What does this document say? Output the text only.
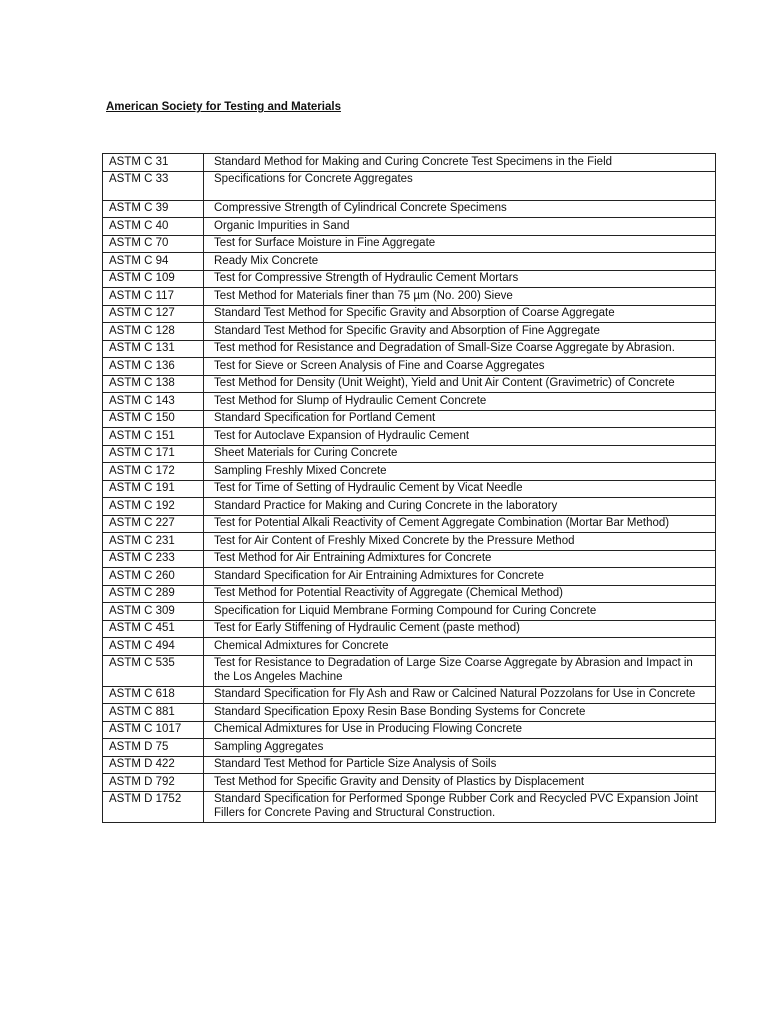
American Society for Testing and Materials
ASTM C 31	Standard Method for Making and Curing Concrete Test Specimens in the Field
ASTM C 33	Specifications for Concrete Aggregates
ASTM C 39	Compressive Strength of Cylindrical Concrete Specimens
ASTM C 40	Organic Impurities in Sand
ASTM C 70	Test for Surface Moisture in Fine Aggregate
ASTM C 94	Ready Mix Concrete
ASTM C 109	Test for Compressive Strength of Hydraulic Cement Mortars
ASTM C 117	Test Method for Materials finer than 75 µm (No. 200) Sieve
ASTM C 127	Standard Test Method for Specific Gravity and Absorption of Coarse Aggregate
ASTM C 128	Standard Test Method for Specific Gravity and Absorption of Fine Aggregate
ASTM C 131	Test method for Resistance and Degradation of Small-Size Coarse Aggregate by Abrasion.
ASTM C 136	Test for Sieve or Screen Analysis of Fine and Coarse Aggregates
ASTM C 138	Test Method for Density (Unit Weight), Yield and Unit Air Content (Gravimetric) of Concrete
ASTM C 143	Test Method for Slump of Hydraulic Cement Concrete
ASTM C 150	Standard Specification for Portland Cement
ASTM C 151	Test for Autoclave Expansion of Hydraulic Cement
ASTM C 171	Sheet Materials for Curing Concrete
ASTM C 172	Sampling Freshly Mixed Concrete
ASTM C 191	Test for Time of Setting of Hydraulic Cement by Vicat Needle
ASTM C 192	Standard Practice for Making and Curing Concrete in the laboratory
ASTM C 227	Test for Potential Alkali Reactivity of Cement Aggregate Combination (Mortar Bar Method)
ASTM C 231	Test for Air Content of Freshly Mixed Concrete by the Pressure Method
ASTM C 233	Test Method for Air Entraining Admixtures for Concrete
ASTM C 260	Standard Specification for Air Entraining Admixtures for Concrete
ASTM C 289	Test Method for Potential Reactivity of Aggregate (Chemical Method)
ASTM C 309	Specification for Liquid Membrane Forming Compound for Curing Concrete
ASTM C 451	Test for Early Stiffening of Hydraulic Cement (paste method)
ASTM C 494	Chemical Admixtures for Concrete
ASTM C 535	Test for Resistance to Degradation of Large Size Coarse Aggregate by Abrasion and Impact in the Los Angeles Machine
ASTM C 618	Standard Specification for Fly Ash and Raw or Calcined Natural Pozzolans for Use in Concrete
ASTM C 881	Standard Specification Epoxy Resin Base Bonding Systems for Concrete
ASTM C 1017	Chemical Admixtures for Use in Producing Flowing Concrete
ASTM D 75	Sampling Aggregates
ASTM D 422	Standard Test Method for Particle Size Analysis of Soils
ASTM D 792	Test Method for Specific Gravity and Density of Plastics by Displacement
ASTM D 1752	Standard Specification for Performed Sponge Rubber Cork and Recycled PVC Expansion Joint Fillers for Concrete Paving and Structural Construction.
